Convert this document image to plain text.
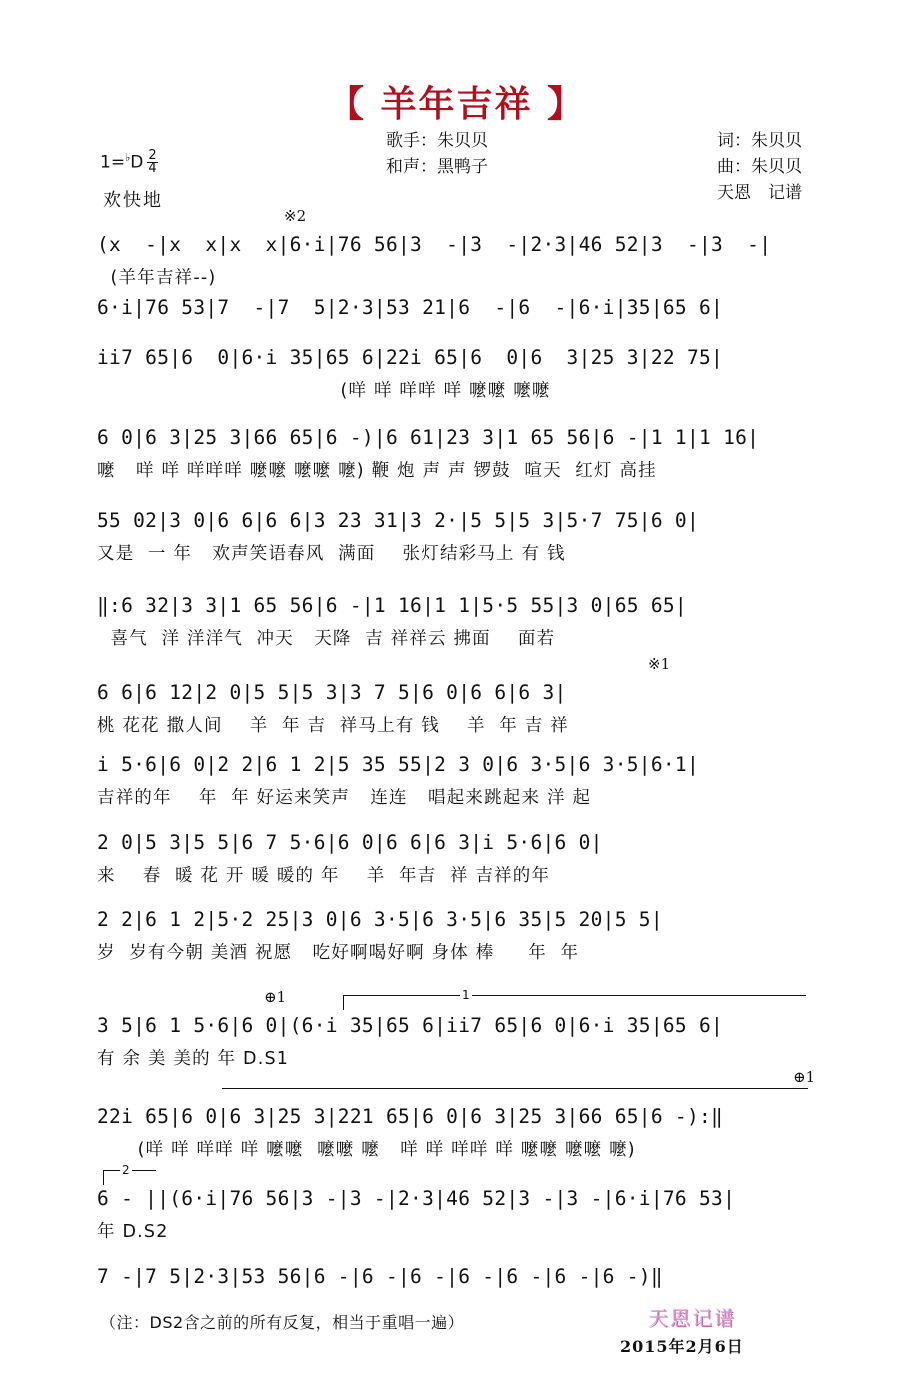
【 羊年吉祥 】
歌手：朱贝贝
和声：黑鸭子
词：朱贝贝
曲：朱贝贝
天恩　记谱
$1=^♭D \frac{2}{4}$
欢快地
※2
※1
⊕1
⊕1
1
2
(x  -|x  x|x  x|6·i|76 56|3  -|3  -|2·3|46 52|3  -|3  -|
(羊年吉祥--)
6·i|76 53|7  -|7  5|2·3|53 21|6  -|6  -|6·i|35|65 6|
ii7 65|6  0|6·i 35|65 6|22i 65|6  0|6  3|25 3|22 75|
(咩 咩 咩咩 咩 嚒嚒 嚒嚒
6 0|6 3|25 3|66 65|6 -)|6 61|23 3|1 65 56|6 -|1 1|1 16|
嚒   咩 咩 咩咩咩 嚒嚒 嚒嚒 嚒) 鞭 炮 声 声 锣鼓  喧天  红灯 高挂
55 02|3 0|6 6|6 6|3 23 31|3 2·|5 5|5 3|5·7 75|6 0|
又是  一 年   欢声笑语春风  满面    张灯结彩马上 有 钱
‖:6 32|3 3|1 65 56|6 -|1 16|1 1|5·5 55|3 0|65 65|
喜气  洋 洋洋气  冲天   天降  吉 祥祥云 拂面    面若
6 6|6 12|2 0|5 5|5 3|3 7 5|6 0|6 6|6 3|
桃 花花 撒人间    羊  年 吉  祥马上有 钱    羊  年 吉 祥
i 5·6|6 0|2 2|6 1 2|5 35 55|2 3 0|6 3·5|6 3·5|6·1|
吉祥的年    年  年 好运来笑声   连连   唱起来跳起来 洋 起
2 0|5 3|5 5|6 7 5·6|6 0|6 6|6 3|i 5·6|6 0|
来    春  暖 花 开 暖 暖的 年    羊  年吉  祥 吉祥的年
2 2|6 1 2|5·2 25|3 0|6 3·5|6 3·5|6 35|5 20|5 5|
岁  岁有今朝 美酒 祝愿   吃好啊喝好啊 身体 棒     年  年
3 5|6 1 5·6|6 0|(6·i 35|65 6|ii7 65|6 0|6·i 35|65 6|
有 余 美 美的 年 D.S1
22i 65|6 0|6 3|25 3|221 65|6 0|6 3|25 3|66 65|6 -):‖
(咩 咩 咩咩 咩 嚒嚒  嚒嚒 嚒   咩 咩 咩咩 咩 嚒嚒 嚒嚒 嚒)
6 - ||(6·i|76 56|3 -|3 -|2·3|46 52|3 -|3 -|6·i|76 53|
年 D.S2
7 -|7 5|2·3|53 56|6 -|6 -|6 -|6 -|6 -|6 -|6 -)‖
（注：DS2含之前的所有反复，相当于重唱一遍）	天恩记谱
2015年2月6日
